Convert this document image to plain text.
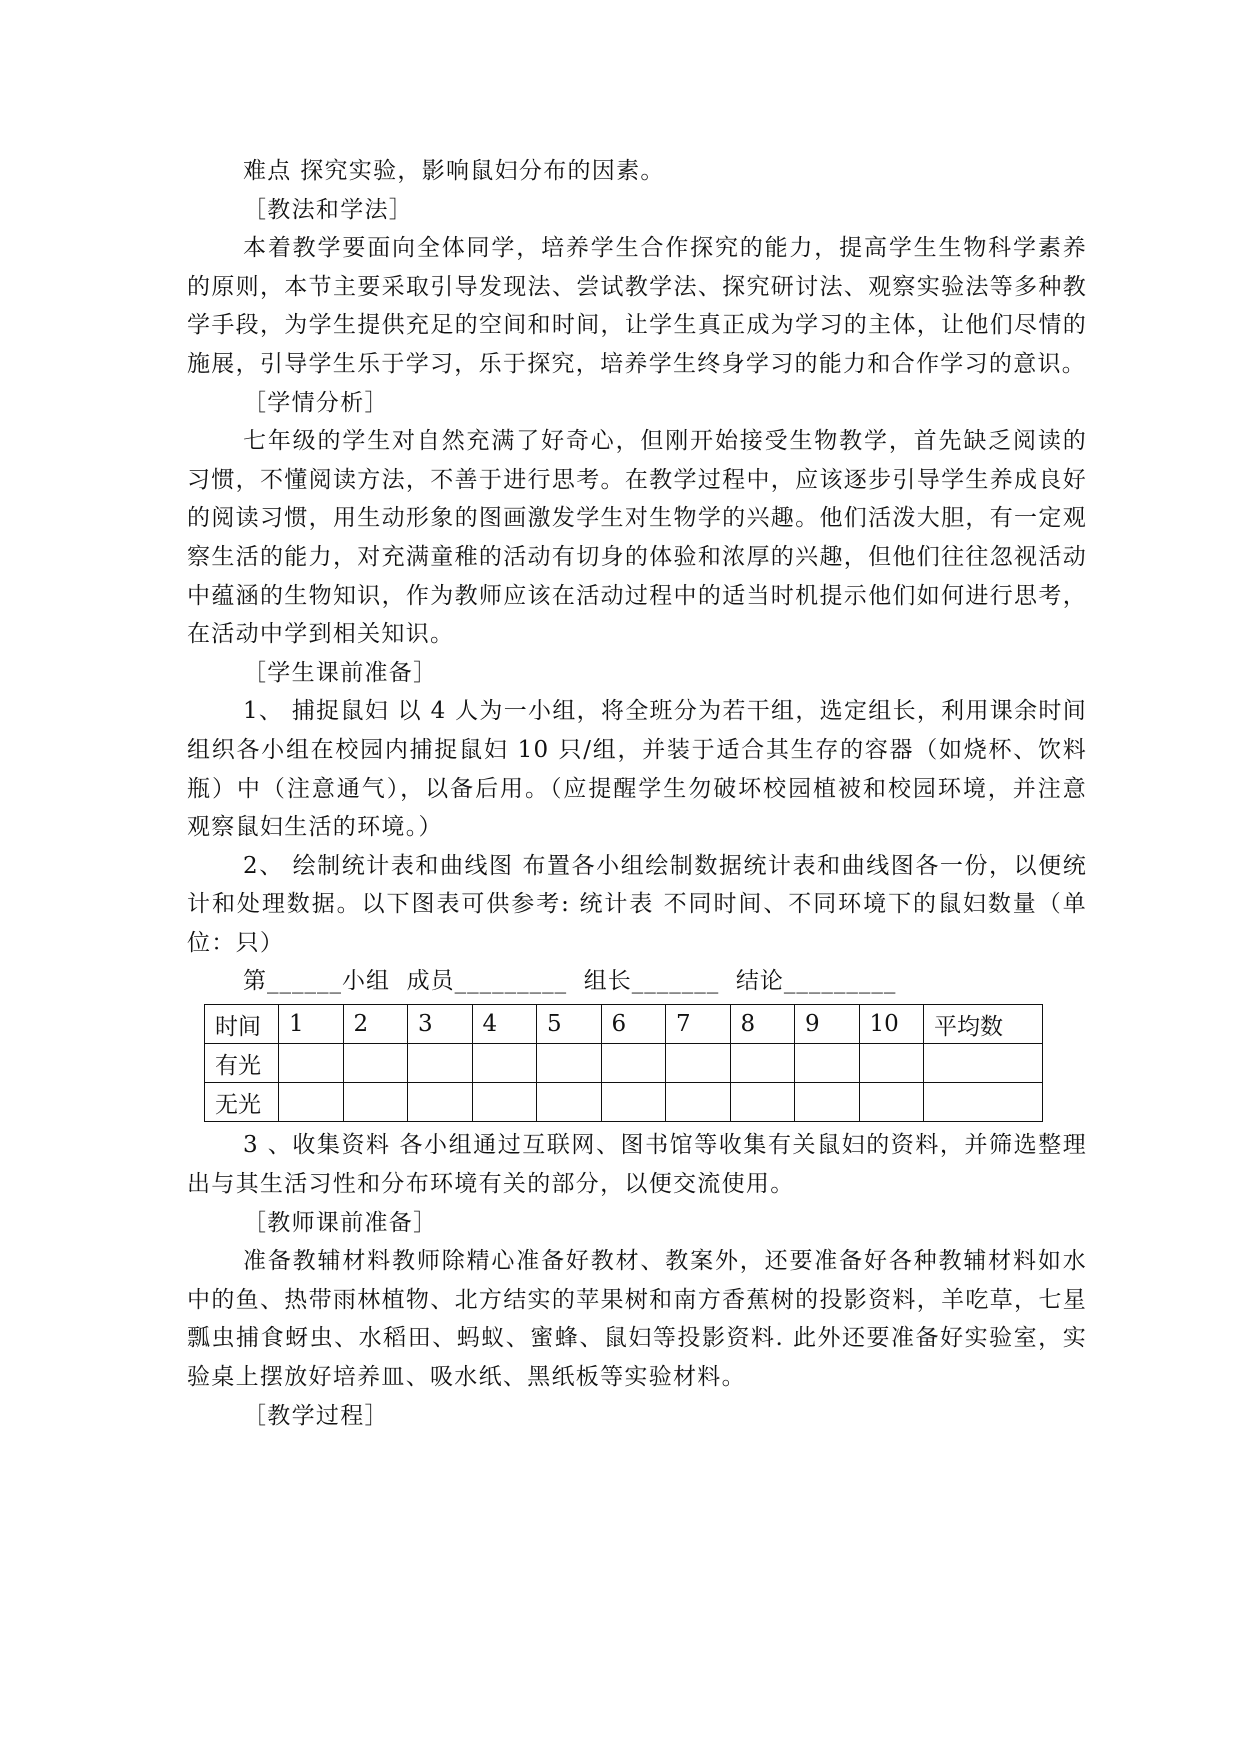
难点 探究实验，影响鼠妇分布的因素。

［教法和学法］

本着教学要面向全体同学，培养学生合作探究的能力，提高学生生物科学素养的原则，本节主要采取引导发现法、尝试教学法、探究研讨法、观察实验法等多种教学手段，为学生提供充足的空间和时间，让学生真正成为学习的主体，让他们尽情的施展，引导学生乐于学习，乐于探究，培养学生终身学习的能力和合作学习的意识。

［学情分析］

七年级的学生对自然充满了好奇心，但刚开始接受生物教学，首先缺乏阅读的习惯，不懂阅读方法，不善于进行思考。在教学过程中，应该逐步引导学生养成良好的阅读习惯，用生动形象的图画激发学生对生物学的兴趣。他们活泼大胆，有一定观察生活的能力，对充满童稚的活动有切身的体验和浓厚的兴趣，但他们往往忽视活动中蕴涵的生物知识，作为教师应该在活动过程中的适当时机提示他们如何进行思考，在活动中学到相关知识。

［学生课前准备］

1、 捕捉鼠妇 以 4 人为一小组，将全班分为若干组，选定组长，利用课余时间组织各小组在校园内捕捉鼠妇 10 只/组，并装于适合其生存的容器（如烧杯、饮料瓶）中（注意通气），以备后用。（应提醒学生勿破坏校园植被和校园环境，并注意观察鼠妇生活的环境。）

2、 绘制统计表和曲线图 布置各小组绘制数据统计表和曲线图各一份，以便统计和处理数据。以下图表可供参考: 统计表 不同时间、不同环境下的鼠妇数量（单位：只）

第______小组  成员_________  组长_______  结论_________

时间	1	2	3	4	5	6	7	8	9	10	平均数
有光											
无光											

3 、收集资料 各小组通过互联网、图书馆等收集有关鼠妇的资料，并筛选整理出与其生活习性和分布环境有关的部分，以便交流使用。

［教师课前准备］

准备教辅材料教师除精心准备好教材、教案外，还要准备好各种教辅材料如水中的鱼、热带雨林植物、北方结实的苹果树和南方香蕉树的投影资料，羊吃草，七星瓢虫捕食蚜虫、水稻田、蚂蚁、蜜蜂、鼠妇等投影资料. 此外还要准备好实验室，实验桌上摆放好培养皿、吸水纸、黑纸板等实验材料。

［教学过程］
